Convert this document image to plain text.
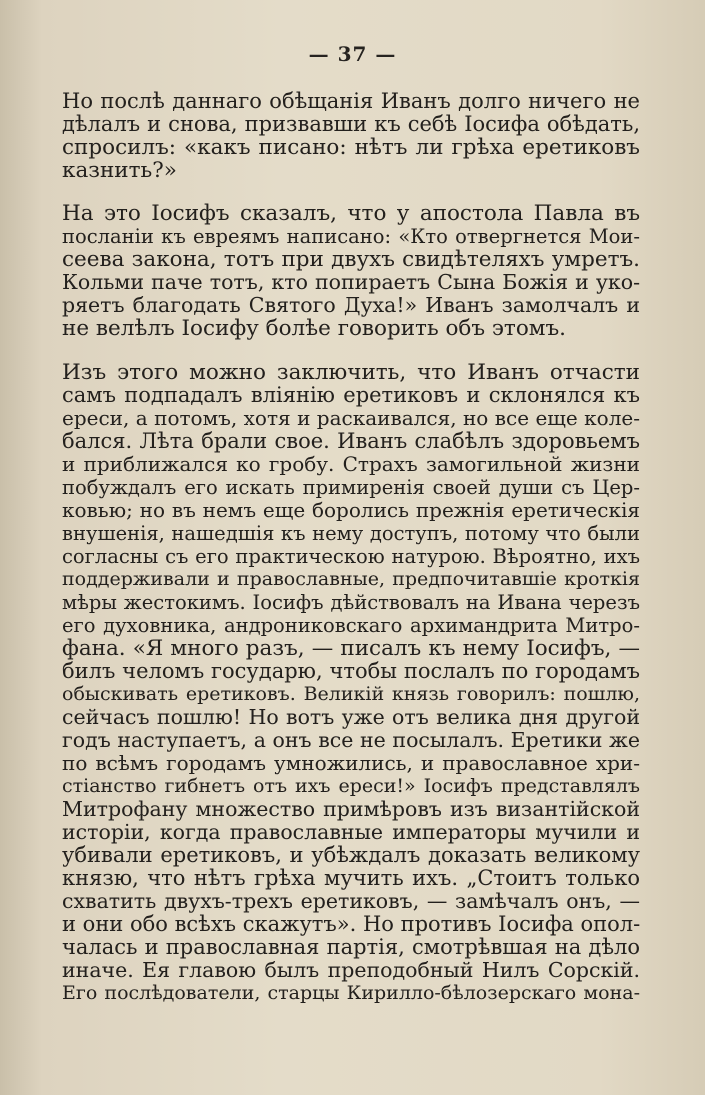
— 37 —
Но послѣ даннаго обѣщанія Иванъ долго ничего не
дѣлалъ и снова, призвавши къ себѣ Іосифа обѣдать,
спросилъ: «какъ писано: нѣтъ ли грѣха еретиковъ
казнить?»
На это Іосифъ сказалъ, что у апостола Павла въ
посланіи къ евреямъ написано: «Кто отвергнется Мои-
сеева закона, тотъ при двухъ свидѣтеляхъ умретъ.
Кольми паче тотъ, кто попираетъ Сына Божія и уко-
ряетъ благодать Святого Духа!» Иванъ замолчалъ и
не велѣлъ Іосифу болѣе говорить объ этомъ.
Изъ этого можно заключить, что Иванъ отчасти
самъ подпадалъ вліянію еретиковъ и склонялся къ
ереси, а потомъ, хотя и раскаивался, но все еще коле-
бался. Лѣта брали свое. Иванъ слабѣлъ здоровьемъ
и приближался ко гробу. Страхъ замогильной жизни
побуждалъ его искать примиренія своей души съ Цер-
ковью; но въ немъ еще боролись прежнія еретическія
внушенія, нашедшія къ нему доступъ, потому что были
согласны съ его практическою натурою. Вѣроятно, ихъ
поддерживали и православные, предпочитавшіе кроткія
мѣры жестокимъ. Іосифъ дѣйствовалъ на Ивана черезъ
его духовника, андрониковскаго архимандрита Митро-
фана. «Я много разъ, — писалъ къ нему Іосифъ, —
билъ челомъ государю, чтобы послалъ по городамъ
обыскивать еретиковъ. Великій князь говорилъ: пошлю,
сейчасъ пошлю! Но вотъ уже отъ велика дня другой
годъ наступаетъ, а онъ все не посылалъ. Еретики же
по всѣмъ городамъ умножились, и православное хри-
стіанство гибнетъ отъ ихъ ереси!» Іосифъ представлялъ
Митрофану множество примѣровъ изъ византійской
исторіи, когда православные императоры мучили и
убивали еретиковъ, и убѣждалъ доказать великому
князю, что нѣтъ грѣха мучить ихъ. „Стоитъ только
схватить двухъ-трехъ еретиковъ, — замѣчалъ онъ, —
и они обо всѣхъ скажутъ». Но противъ Іосифа опол-
чалась и православная партія, смотрѣвшая на дѣло
иначе. Ея главою былъ преподобный Нилъ Сорскій.
Его послѣдователи, старцы Кирилло-бѣлозерскаго мона-
